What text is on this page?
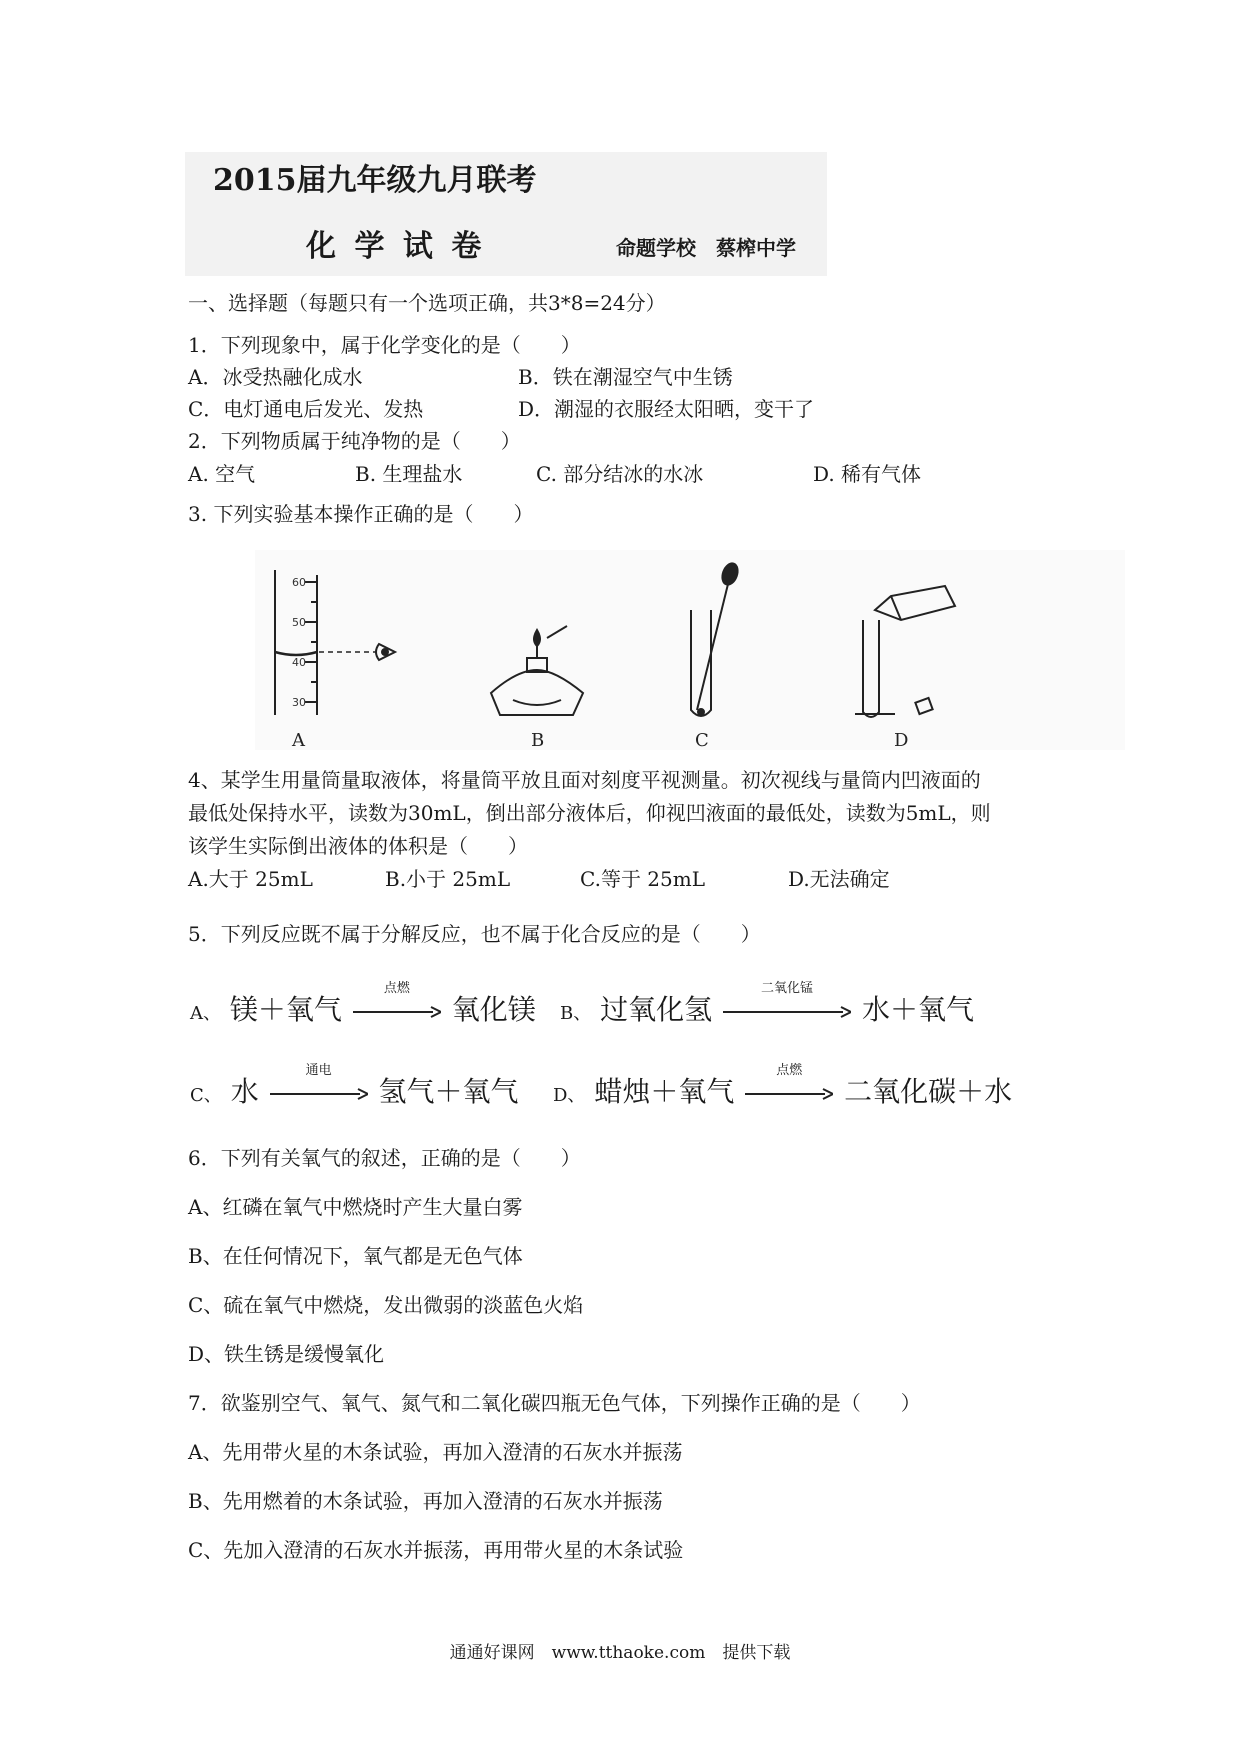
2015届九年级九月联考
化 学 试 卷	命题学校　蔡榨中学
一、选择题（每题只有一个选项正确，共3*8=24分）
1．下列现象中，属于化学变化的是（　　）
A．冰受热融化成水	B．铁在潮湿空气中生锈
C．电灯通电后发光、发热	D．潮湿的衣服经太阳晒，变干了
2．下列物质属于纯净物的是（　　）
A. 空气	B. 生理盐水	C. 部分结冰的水冰	D. 稀有气体
3. 下列实验基本操作正确的是（　　）
60
50
40
30
A	B	C	D
4、某学生用量筒量取液体，将量筒平放且面对刻度平视测量。初次视线与量筒内凹液面的
最低处保持水平，读数为30mL，倒出部分液体后，仰视凹液面的最低处，读数为5mL，则
该学生实际倒出液体的体积是（　　）
A.大于 25mL	B.小于 25mL	C.等于 25mL	D.无法确定
5．下列反应既不属于分解反应，也不属于化合反应的是（　　）
A、 镁＋氧气
点燃
氧化镁 B、 过氧化氢
二氧化锰
水＋氧气
C、 水
通电
氢气＋氧气 D、 蜡烛＋氧气
点燃
二氧化碳＋水
6．下列有关氧气的叙述，正确的是（　　）
A、红磷在氧气中燃烧时产生大量白雾
B、在任何情况下，氧气都是无色气体
C、硫在氧气中燃烧，发出微弱的淡蓝色火焰
D、铁生锈是缓慢氧化
7．欲鉴别空气、氧气、氮气和二氧化碳四瓶无色气体，下列操作正确的是（　　）
A、先用带火星的木条试验，再加入澄清的石灰水并振荡
B、先用燃着的木条试验，再加入澄清的石灰水并振荡
C、先加入澄清的石灰水并振荡，再用带火星的木条试验
通通好课网　www.tthaoke.com　提供下载
